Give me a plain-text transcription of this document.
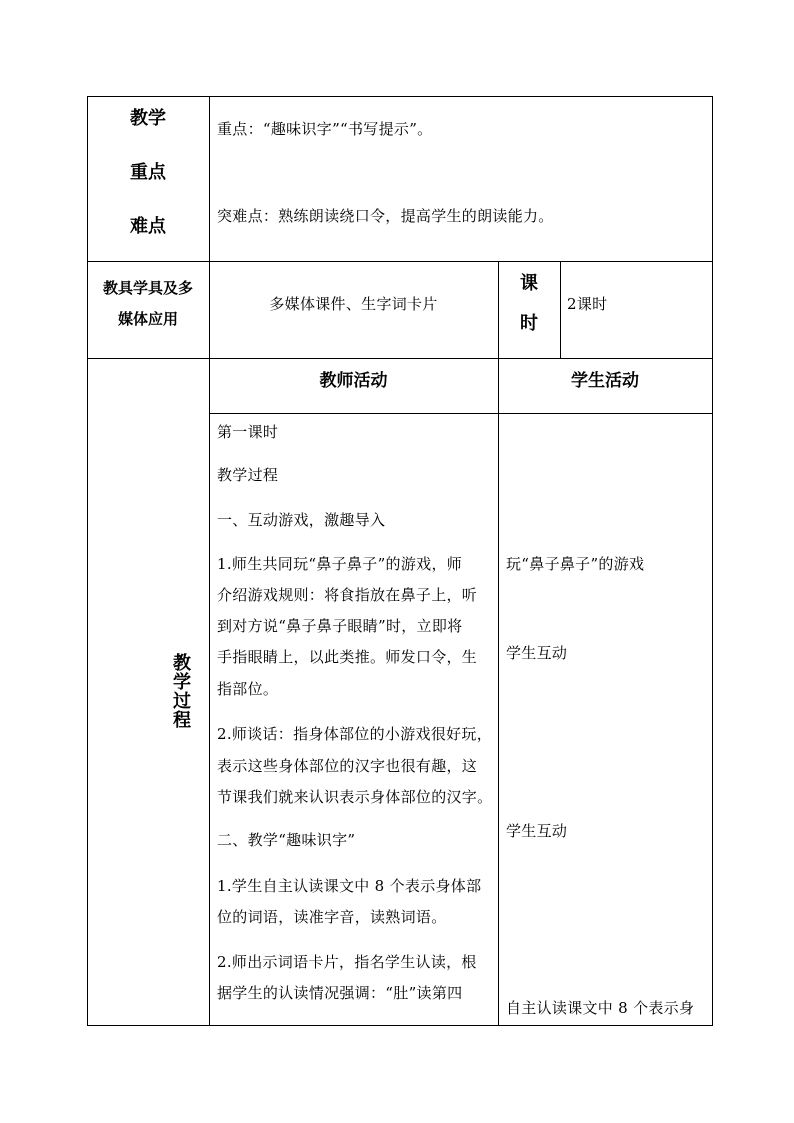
教学
重点
难点
重点：“趣味识字”“书写提示”。
突难点：熟练朗读绕口令，提高学生的朗读能力。
教具学具及多
媒体应用
多媒体课件、生字词卡片
课
时
2课时
教
学
过
程
教师活动	学生活动
第一课时
教学过程
一、互动游戏，激趣导入
1.师生共同玩“鼻子鼻子”的游戏，师
介绍游戏规则：将食指放在鼻子上，听
到对方说“鼻子鼻子眼睛”时，立即将
手指眼睛上，以此类推。师发口令，生
指部位。
2.师谈话：指身体部位的小游戏很好玩，
表示这些身体部位的汉字也很有趣，这
节课我们就来认识表示身体部位的汉字。
二、教学“趣味识字”
1.学生自主认读课文中 8 个表示身体部
位的词语，读准字音，读熟词语。
2.师出示词语卡片，指名学生认读，根
据学生的认读情况强调：“肚”读第四
玩“鼻子鼻子”的游戏
学生互动
学生互动
自主认读课文中 8 个表示身
